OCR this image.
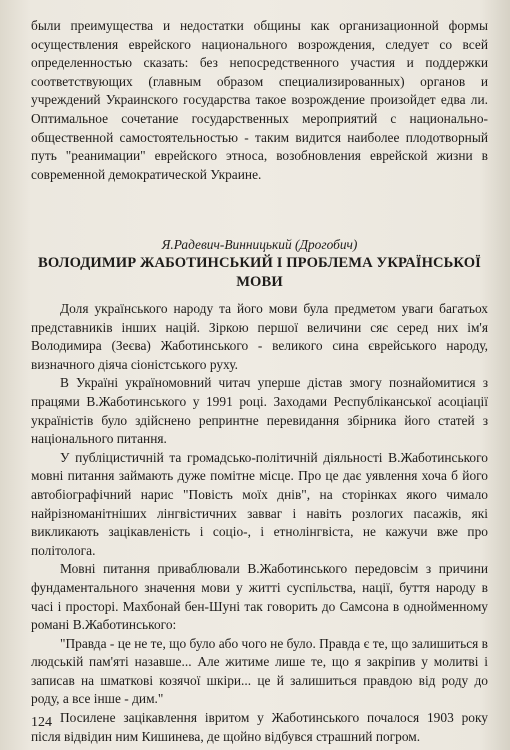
были преимущества и недостатки общины как организационной формы осуществления еврейского национального возрождения, следует со всей определенностью сказать: без непосредственного участия и поддержки соответствующих (главным образом специализированных) органов и учреждений Украинского государства такое возрождение произойдет едва ли. Оптимальное сочетание государственных мероприятий с национально-общественной самостоятельностью - таким видится наиболее плодотворный путь "реанимации" еврейского этноса, возобновления еврейской жизни в современной демократической Украине.

Я.Радевич-Винницький (Дрогобич)
ВОЛОДИМИР ЖАБОТИНСЬКИЙ І ПРОБЛЕМА УКРАЇНСЬКОЇ
МОВИ

Доля українського народу та його мови була предметом уваги багатьох представників інших націй. Зіркою першої величини сяє серед них ім'я Володимира (Зеєва) Жаботинського - великого сина єврейського народу, визначного діяча сіоністського руху.

В Україні україномовний читач уперше дістав змогу познайомитися з працями В.Жаботинського у 1991 році. Заходами Республіканської асоціації україністів було здійснено репринтне перевидання збірника його статей з національного питання.

У публіцистичній та громадсько-політичній діяльності В.Жаботинського мовні питання займають дуже помітне місце. Про це дає уявлення хоча б його автобіографічний нарис "Повість моїх днів", на сторінках якого чимало найрізноманітніших лінгвістичних завваг і навіть розлогих пасажів, які викликають зацікавленість і соціо-, і етнолінгвіста, не кажучи вже про політолога.

Мовні питання приваблювали В.Жаботинського передовсім з причини фундаментального значення мови у житті суспільства, нації, буття народу в часі і просторі. Махбонай бен-Шуні так говорить до Самсона в однойменному романі В.Жаботинського:

"Правда - це не те, що було або чого не було. Правда є те, що залишиться в людській пам'яті назавше... Але житиме лише те, що я закріпив у молитві і записав на шматкові козячої шкіри... це й залишиться правдою від роду до роду, а все інше - дим."

Посилене зацікавлення івритом у Жаботинського почалося 1903 року після відвідин ним Кишинева, де щойно відбувся страшний погром.

124
